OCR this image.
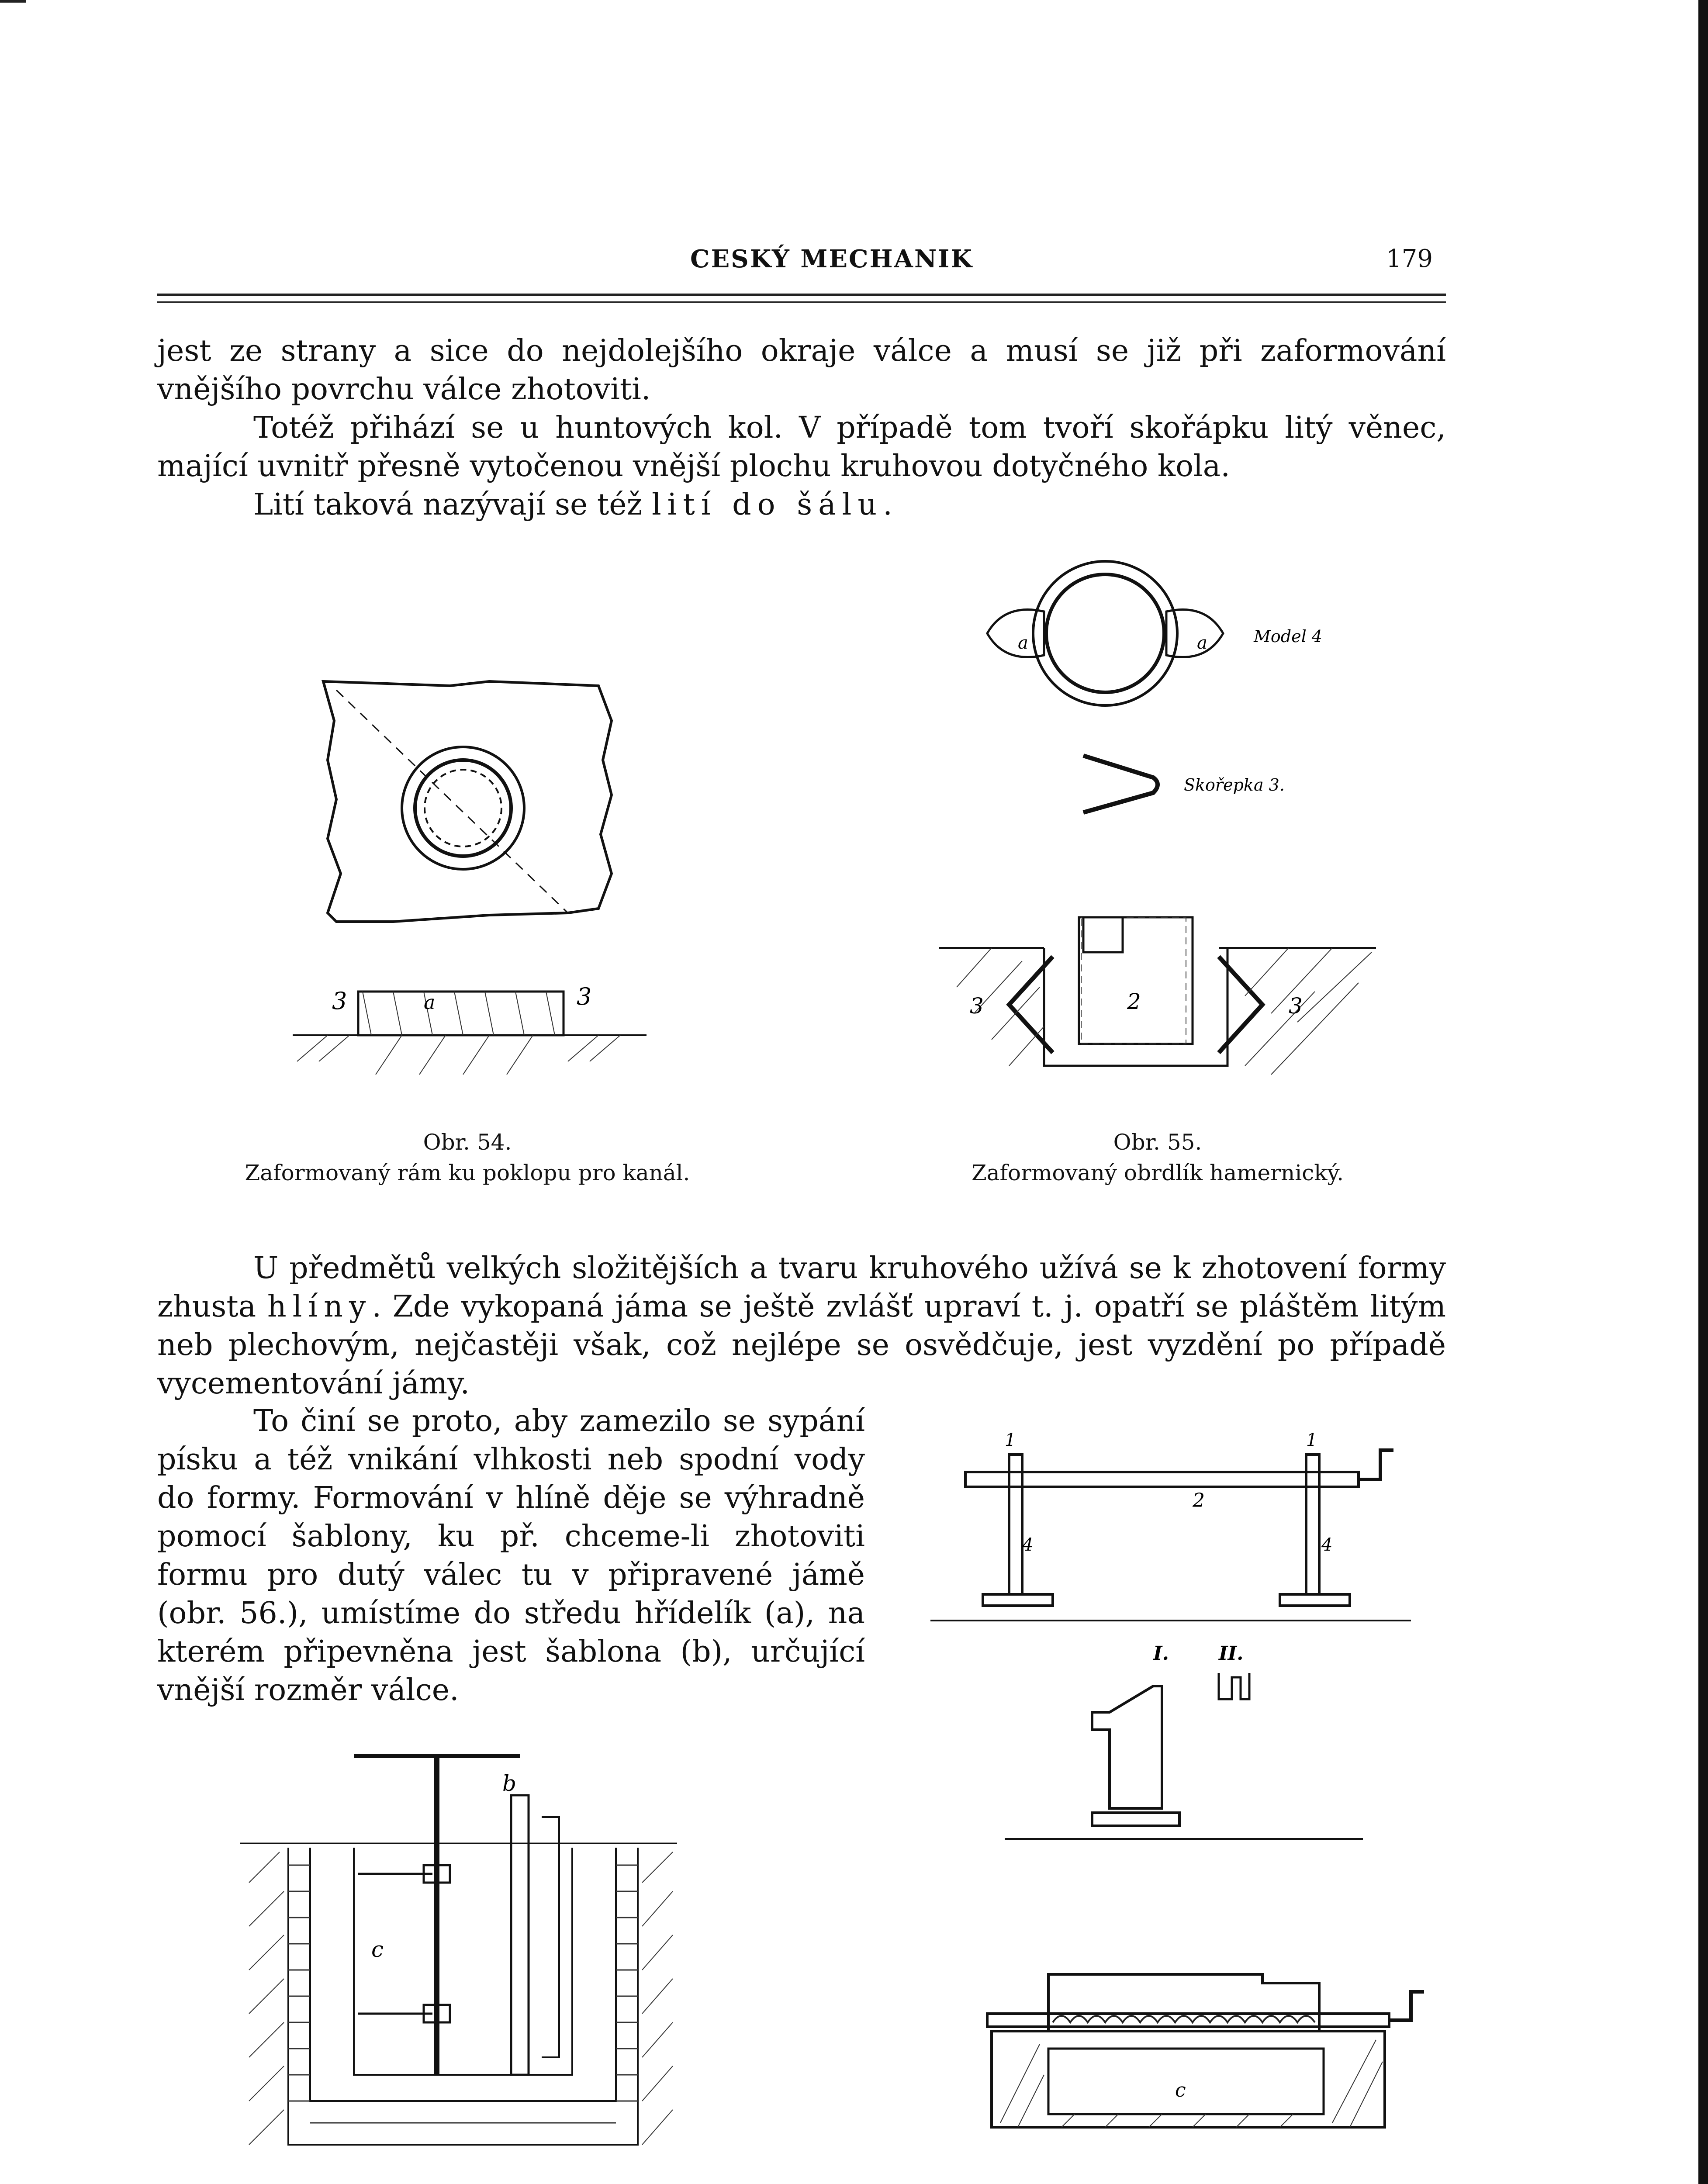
CESKÝ MECHANIK	179

jest ze strany a sice do nejdolejšího okraje válce a musí se již při zaformování vnějšího povrchu válce zhotoviti.

Totéž přihází se u huntových kol. V případě tom tvoří skořápku litý věnec, mající uvnitř přesně vytočenou vnější plochu kruhovou dotyčného kola.

Lití taková nazývají se též lití do šálu.

3	3
a
Obr. 54.
Zaformovaný rám ku poklopu pro kanál.
Model 4
a
a
Skořepka 3.
3	2	3
Obr. 55.
Zaformovaný obrdlík hamernický.

U předmětů velkých složitějších a tvaru kruhového užívá se k zhotovení formy zhusta hlíny. Zde vykopaná jáma se ještě zvlášť upraví t. j. opatří se pláštěm litým neb plechovým, nejčastěji však, což nejlépe se osvědčuje, jest vyzdění po případě vycementování jámy.

To činí se proto, aby zamezilo se sypání písku a též vnikání vlhkosti neb spodní vody do formy. Formování v hlíně děje se výhradně pomocí šablony, ku př. chceme-li zhotoviti formu pro dutý válec tu v připravené jámě (obr. 56.), umístíme do středu hřídelík (a), na kterém připevněna jest šablona (b), určující vnější rozměr válce.

b
c
1	1
2
4	4
I.	II.
c
